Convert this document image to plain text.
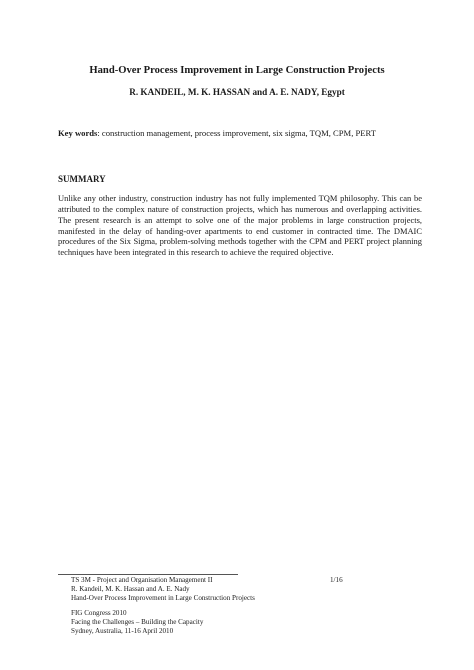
Hand-Over Process Improvement in Large Construction Projects
R. KANDEIL, M. K. HASSAN and A. E. NADY, Egypt
Key words: construction management, process improvement, six sigma, TQM, CPM, PERT
SUMMARY
Unlike any other industry, construction industry has not fully implemented TQM philosophy. This can be
attributed to the complex nature of construction projects, which has numerous and overlapping activities.
The present research is an attempt to solve one of the major problems in large construction projects,
manifested in the delay of handing-over apartments to end customer in contracted time. The DMAIC
procedures of the Six Sigma, problem-solving methods together with the CPM and PERT project planning
techniques have been integrated in this research to achieve the required objective.
TS 3M - Project and Organisation Management II
R. Kandeil, M. K. Hassan and A. E. Nady
Hand-Over Process Improvement in Large Construction Projects
FIG Congress 2010
Facing the Challenges – Building the Capacity
Sydney, Australia, 11-16 April 2010
1/16
